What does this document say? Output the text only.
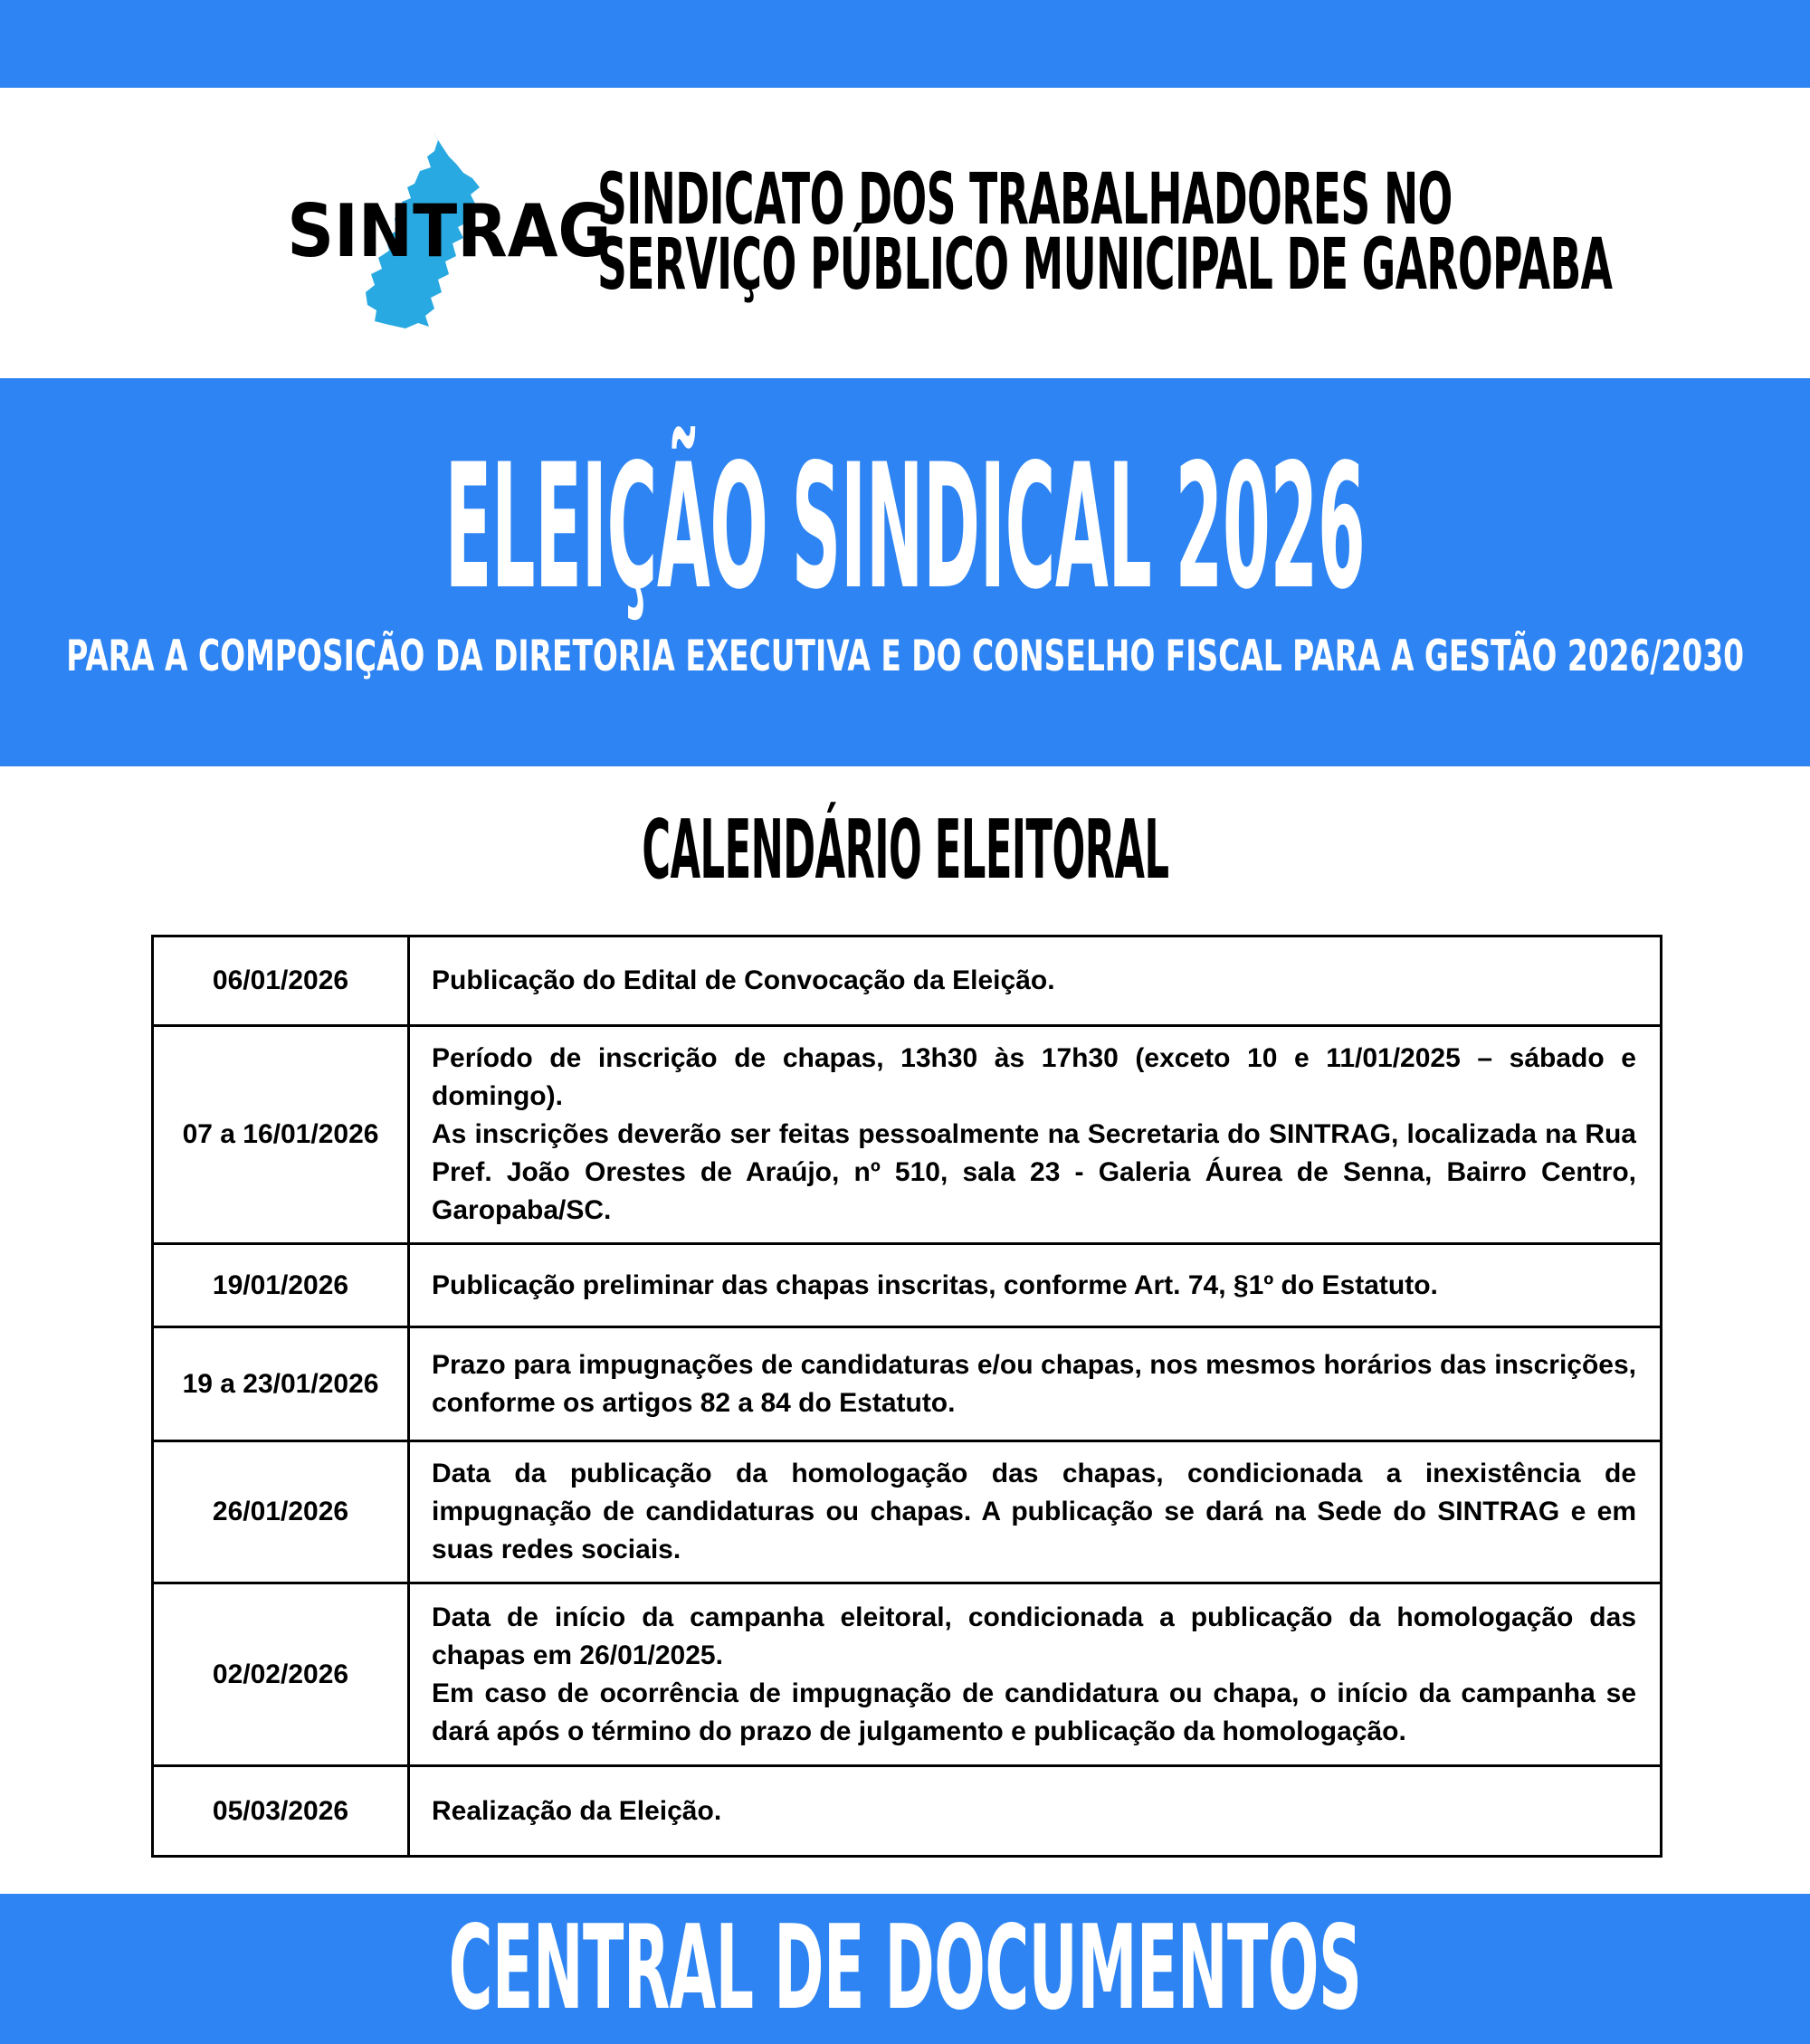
SINTRAG
SINDICATO DOS TRABALHADORES NO
SERVIÇO PÚBLICO MUNICIPAL DE GAROPABA
ELEIÇÃO SINDICAL 2026
PARA A COMPOSIÇÃO DA DIRETORIA EXECUTIVA E DO CONSELHO FISCAL PARA A GESTÃO 2026/2030
CALENDÁRIO ELEITORAL
06/01/2026	Publicação do Edital de Convocação da Eleição.

07 a 16/01/2026	Período de inscrição de chapas, 13h30 às 17h30 (exceto 10 e 11/01/2025 – sábado e domingo).

As inscrições deverão ser feitas pessoalmente na Secretaria do SINTRAG, localizada na Rua Pref. João Orestes de Araújo, nº 510, sala 23 - Galeria Áurea de Senna, Bairro Centro, Garopaba/SC.

19/01/2026	Publicação preliminar das chapas inscritas, conforme Art. 74, §1º do Estatuto.

19 a 23/01/2026	Prazo para impugnações de candidaturas e/ou chapas, nos mesmos horários das inscrições, conforme os artigos 82 a 84 do Estatuto.

26/01/2026	Data da publicação da homologação das chapas, condicionada a inexistência de impugnação de candidaturas ou chapas. A publicação se dará na Sede do SINTRAG e em suas redes sociais.

02/02/2026	Data de início da campanha eleitoral, condicionada a publicação da homologação das chapas em 26/01/2025.

Em caso de ocorrência de impugnação de candidatura ou chapa, o início da campanha se dará após o término do prazo de julgamento e publicação da homologação.

05/03/2026	Realização da Eleição.

CENTRAL DE DOCUMENTOS
